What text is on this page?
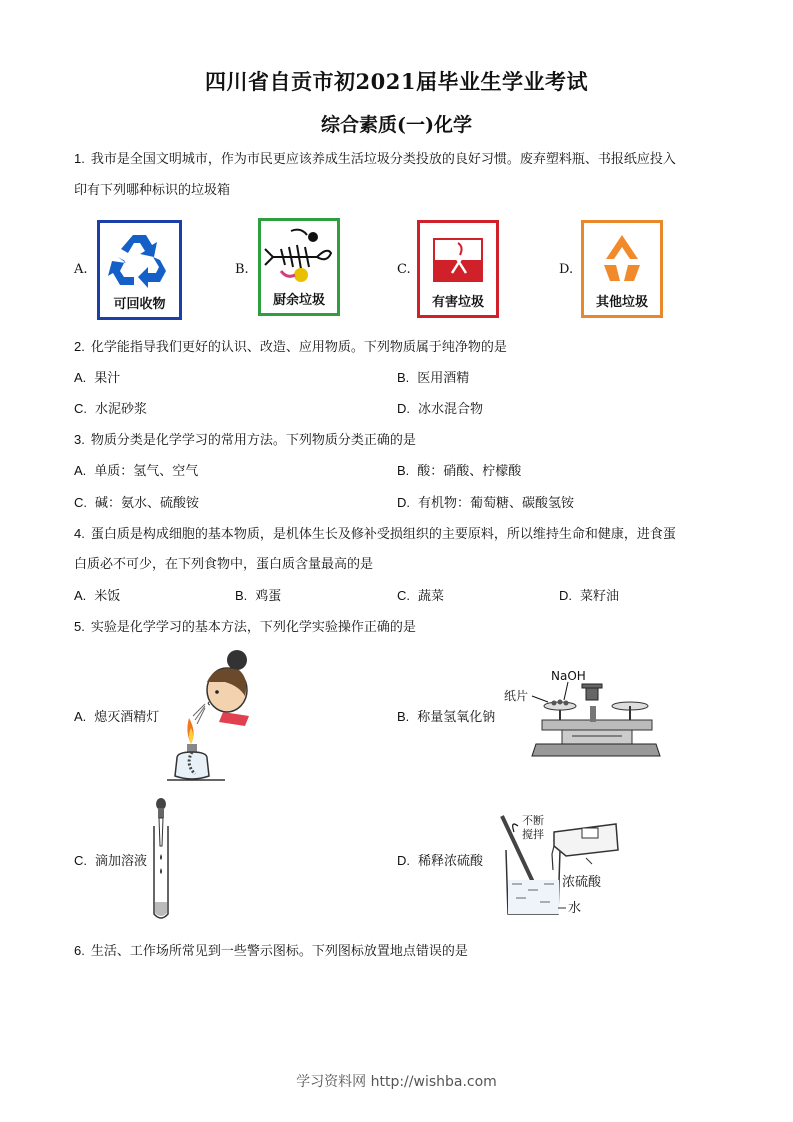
四川省自贡市初2021届毕业生学业考试
综合素质(一)化学
1. 我市是全国文明城市，作为市民更应该养成生活垃圾分类投放的良好习惯。废弃塑料瓶、书报纸应投入
印有下列哪种标识的垃圾箱
A.
可回收物
B.
厨余垃圾
C.
有害垃圾
D.
其他垃圾
2. 化学能指导我们更好的认识、改造、应用物质。下列物质属于纯净物的是
A. 果汁	B. 医用酒精
C. 水泥砂浆	D. 冰水混合物
3. 物质分类是化学学习的常用方法。下列物质分类正确的是
A. 单质：氢气、空气	B. 酸：硝酸、柠檬酸
C. 碱：氨水、硫酸铵	D. 有机物：葡萄糖、碳酸氢铵
4. 蛋白质是构成细胞的基本物质，是机体生长及修补受损组织的主要原料，所以维持生命和健康，进食蛋
白质必不可少，在下列食物中，蛋白质含量最高的是
A. 米饭	B. 鸡蛋	C. 蔬菜	D. 菜籽油
5. 实验是化学学习的基本方法，下列化学实验操作正确的是
A. 熄灭酒精灯	B. 称量氢氧化钠
NaOH
纸片
C. 滴加溶液	D. 稀释浓硫酸
不断
搅拌
浓硫酸
水
6. 生活、工作场所常见到一些警示图标。下列图标放置地点错误的是
学习资料网 http://wishba.com
